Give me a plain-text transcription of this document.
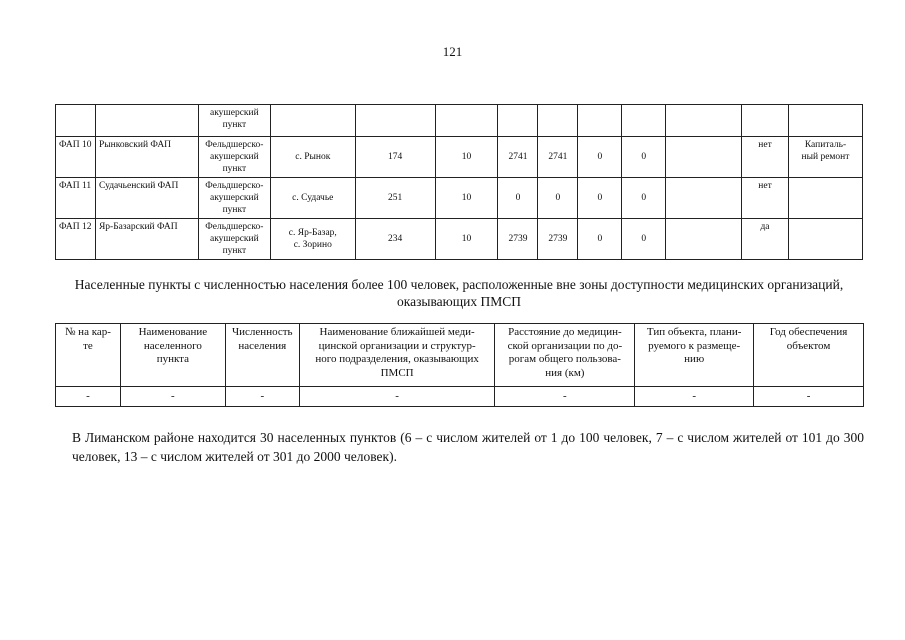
121
		акушерский
пункт										
ФАП 10	Рынковский ФАП	Фельдшерско-
акушерский
пункт	с. Рынок	174	10	2741	2741	0	0		нет	Капиталь-
ный ремонт
ФАП 11	Судачьенский ФАП	Фельдшерско-
акушерский
пункт	с. Судачье	251	10	0	0	0	0		нет	
ФАП 12	Яр-Базарский ФАП	Фельдшерско-
акушерский
пункт	с. Яр-Базар,
с. Зорино	234	10	2739	2739	0	0		да	
Населенные пункты с численностью населения более 100 человек, расположенные вне зоны доступности медицинских организаций, оказывающих ПМСП
№ на кар-
те	Наименование
населенного
пункта	Численность
населения	Наименование ближайшей меди-
цинской организации и структур-
ного подразделения, оказывающих
ПМСП	Расстояние до медицин-
ской организации по до-
рогам общего пользова-
ния (км)	Тип объекта, плани-
руемого к размеще-
нию	Год обеспечения
объектом
-	-	-	-	-	-	-
В Лиманском районе находится 30 населенных пунктов (6 – с числом жителей от 1 до 100 человек, 7 – с числом жителей от 101 до 300 человек, 13 – с числом жителей от 301 до 2000 человек).
